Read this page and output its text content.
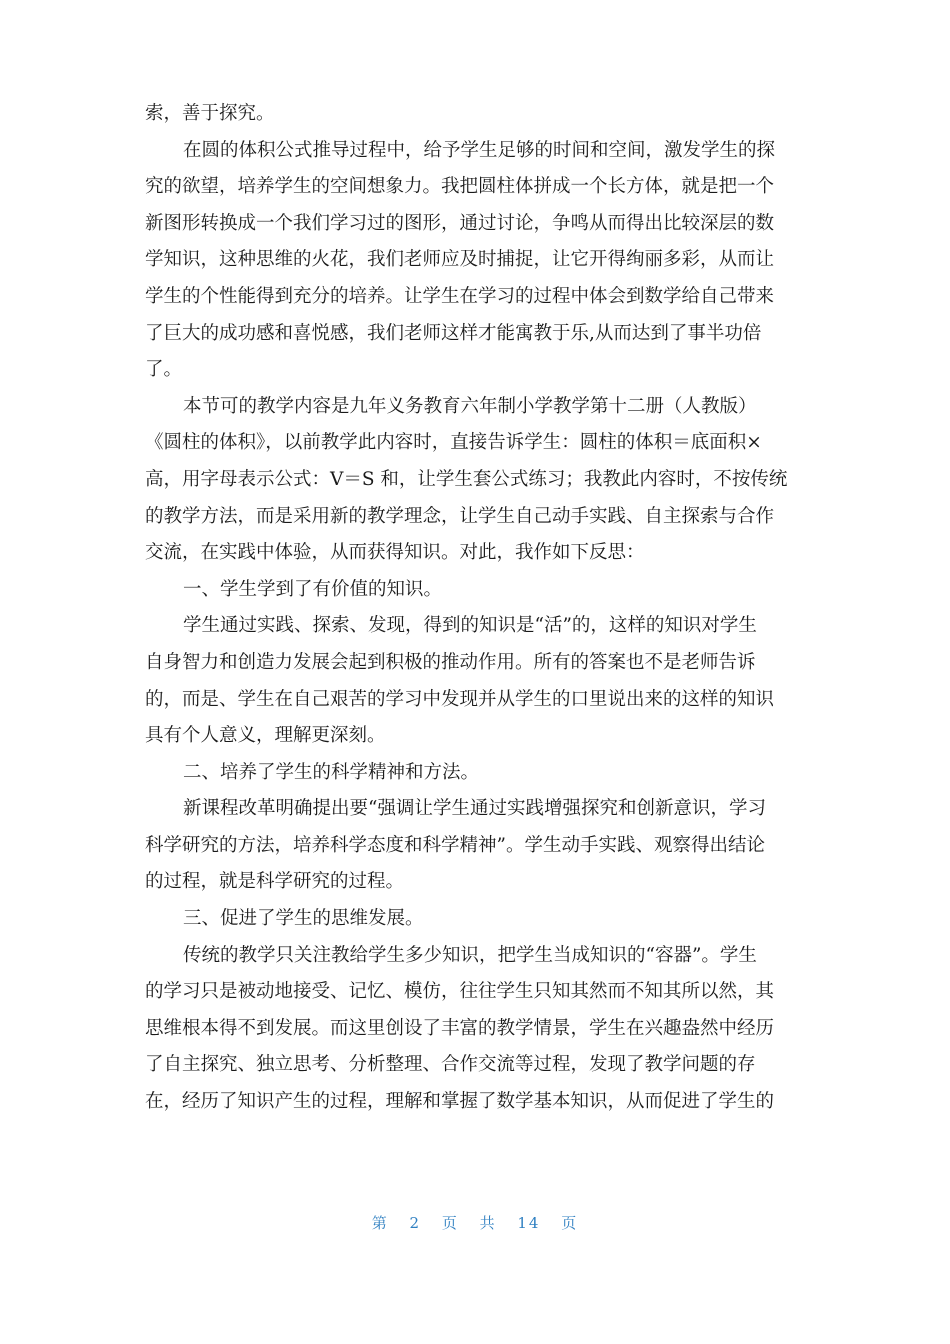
索，善于探究。
在圆的体积公式推导过程中，给予学生足够的时间和空间，激发学生的探
究的欲望，培养学生的空间想象力。我把圆柱体拼成一个长方体，就是把一个
新图形转换成一个我们学习过的图形，通过讨论，争鸣从而得出比较深层的数
学知识，这种思维的火花，我们老师应及时捕捉，让它开得绚丽多彩，从而让
学生的个性能得到充分的培养。让学生在学习的过程中体会到数学给自己带来
了巨大的成功感和喜悦感，我们老师这样才能寓教于乐,从而达到了事半功倍
了。
本节可的教学内容是九年义务教育六年制小学教学第十二册（人教版）
《圆柱的体积》，以前教学此内容时，直接告诉学生：圆柱的体积＝底面积×
高，用字母表示公式：V＝S 和，让学生套公式练习；我教此内容时，不按传统
的教学方法，而是采用新的教学理念，让学生自己动手实践、自主探索与合作
交流，在实践中体验，从而获得知识。对此，我作如下反思：
一、学生学到了有价值的知识。
学生通过实践、探索、发现，得到的知识是“活”的，这样的知识对学生
自身智力和创造力发展会起到积极的推动作用。所有的答案也不是老师告诉
的，而是、学生在自己艰苦的学习中发现并从学生的口里说出来的这样的知识
具有个人意义，理解更深刻。
二、培养了学生的科学精神和方法。
新课程改革明确提出要“强调让学生通过实践增强探究和创新意识，学习
科学研究的方法，培养科学态度和科学精神”。学生动手实践、观察得出结论
的过程，就是科学研究的过程。
三、促进了学生的思维发展。
传统的教学只关注教给学生多少知识，把学生当成知识的“容器”。学生
的学习只是被动地接受、记忆、模仿，往往学生只知其然而不知其所以然，其
思维根本得不到发展。而这里创设了丰富的教学情景，学生在兴趣盎然中经历
了自主探究、独立思考、分析整理、合作交流等过程，发现了教学问题的存
在，经历了知识产生的过程，理解和掌握了数学基本知识，从而促进了学生的
第 2 页 共 14 页
